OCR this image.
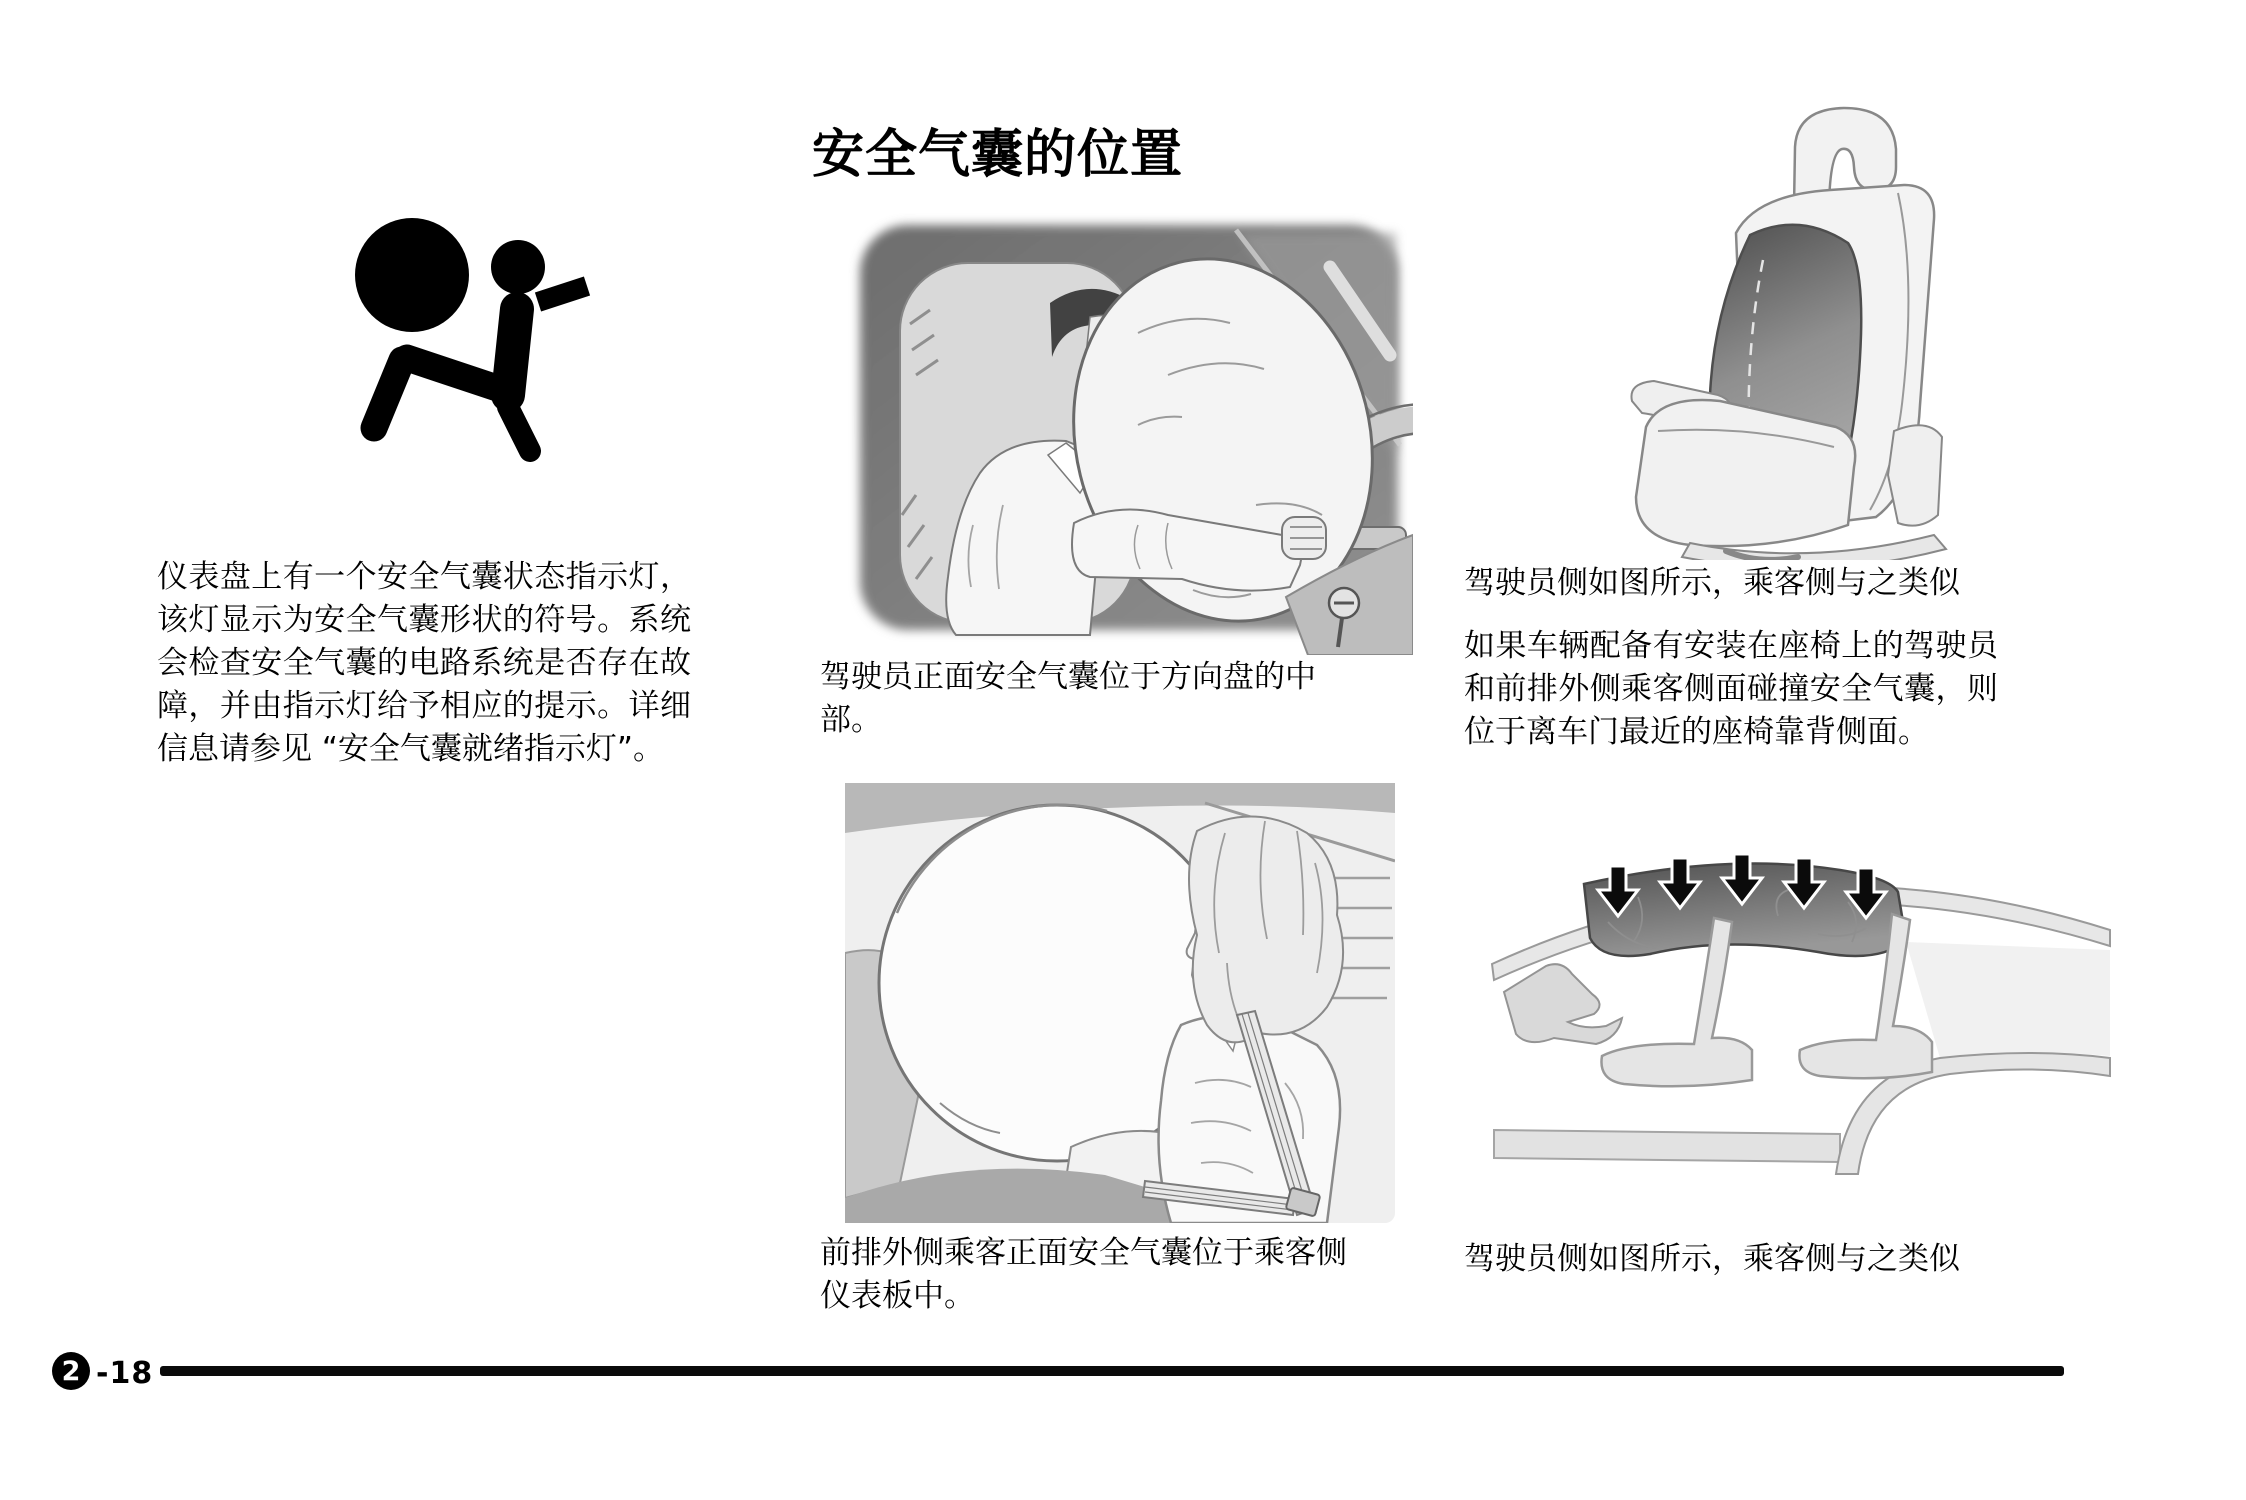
安全气囊的位置
仪表盘上有一个安全气囊状态指示灯，该灯显示为安全气囊形状的符号。系统会检查安全气囊的电路系统是否存在故障，并由指示灯给予相应的提示。详细信息请参见 “安全气囊就绪指示灯”。
驾驶员正面安全气囊位于方向盘的中部。
驾驶员侧如图所示，乘客侧与之类似
如果车辆配备有安装在座椅上的驾驶员和前排外侧乘客侧面碰撞安全气囊，则位于离车门最近的座椅靠背侧面。
前排外侧乘客正面安全气囊位于乘客侧仪表板中。
驾驶员侧如图所示，乘客侧与之类似
2 -18
